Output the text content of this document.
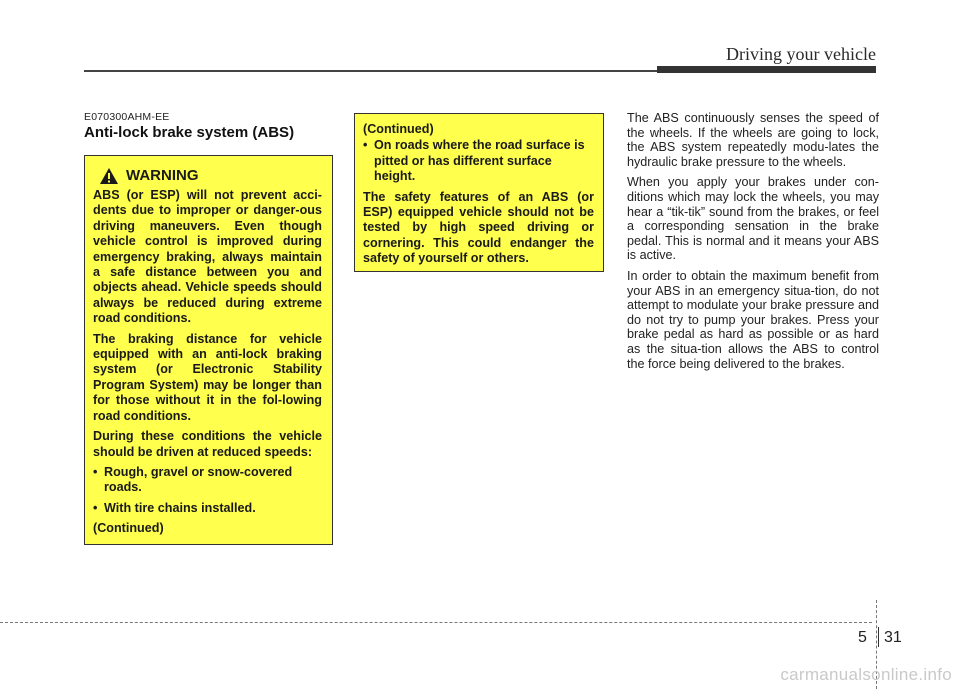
Driving your vehicle
E070300AHM-EE
Anti-lock brake system (ABS)
WARNING

ABS (or ESP) will not prevent acci-dents due to improper or danger-ous driving maneuvers. Even though vehicle control is improved during emergency braking, always maintain a safe distance between you and objects ahead. Vehicle speeds should always be reduced during extreme road conditions.

The braking distance for vehicle equipped with an anti-lock braking system (or Electronic Stability Program System) may be longer than for those without it in the fol-lowing road conditions.

During these conditions the vehicle should be driven at reduced speeds:

• Rough, gravel or snow-covered roads.
• With tire chains installed.

(Continued)

(Continued)

• On roads where the road surface is pitted or has different surface height.

The safety features of an ABS (or ESP) equipped vehicle should not be tested by high speed driving or cornering. This could endanger the safety of yourself or others.

The ABS continuously senses the speed of the wheels. If the wheels are going to lock, the ABS system repeatedly modu-lates the hydraulic brake pressure to the wheels.

When you apply your brakes under con-ditions which may lock the wheels, you may hear a “tik-tik” sound from the brakes, or feel a corresponding sensation in the brake pedal. This is normal and it means your ABS is active.

In order to obtain the maximum benefit from your ABS in an emergency situa-tion, do not attempt to modulate your brake pressure and do not try to pump your brakes. Press your brake pedal as hard as possible or as hard as the situa-tion allows the ABS to control the force being delivered to the brakes.

5 31
carmanualsonline.info
